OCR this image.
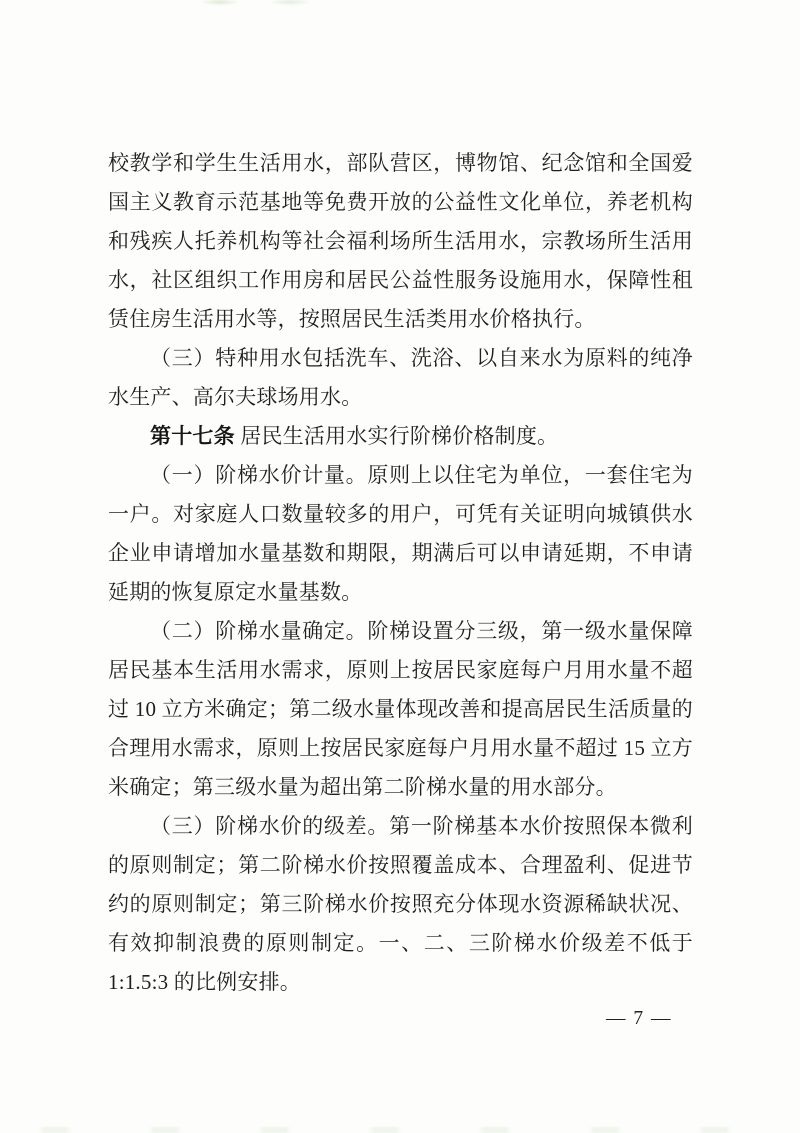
校教学和学生生活用水，部队营区，博物馆、纪念馆和全国爱国主义教育示范基地等免费开放的公益性文化单位，养老机构和残疾人托养机构等社会福利场所生活用水，宗教场所生活用水，社区组织工作用房和居民公益性服务设施用水，保障性租赁住房生活用水等，按照居民生活类用水价格执行。

（三）特种用水包括洗车、洗浴、以自来水为原料的纯净水生产、高尔夫球场用水。

第十七条 居民生活用水实行阶梯价格制度。

（一）阶梯水价计量。原则上以住宅为单位，一套住宅为一户。对家庭人口数量较多的用户，可凭有关证明向城镇供水企业申请增加水量基数和期限，期满后可以申请延期，不申请延期的恢复原定水量基数。

（二）阶梯水量确定。阶梯设置分三级，第一级水量保障居民基本生活用水需求，原则上按居民家庭每户月用水量不超过 10 立方米确定；第二级水量体现改善和提高居民生活质量的合理用水需求，原则上按居民家庭每户月用水量不超过 15 立方米确定；第三级水量为超出第二阶梯水量的用水部分。

（三）阶梯水价的级差。第一阶梯基本水价按照保本微利的原则制定；第二阶梯水价按照覆盖成本、合理盈利、促进节约的原则制定；第三阶梯水价按照充分体现水资源稀缺状况、有效抑制浪费的原则制定。一、二、三阶梯水价级差不低于 1:1.5:3 的比例安排。

— 7 —
